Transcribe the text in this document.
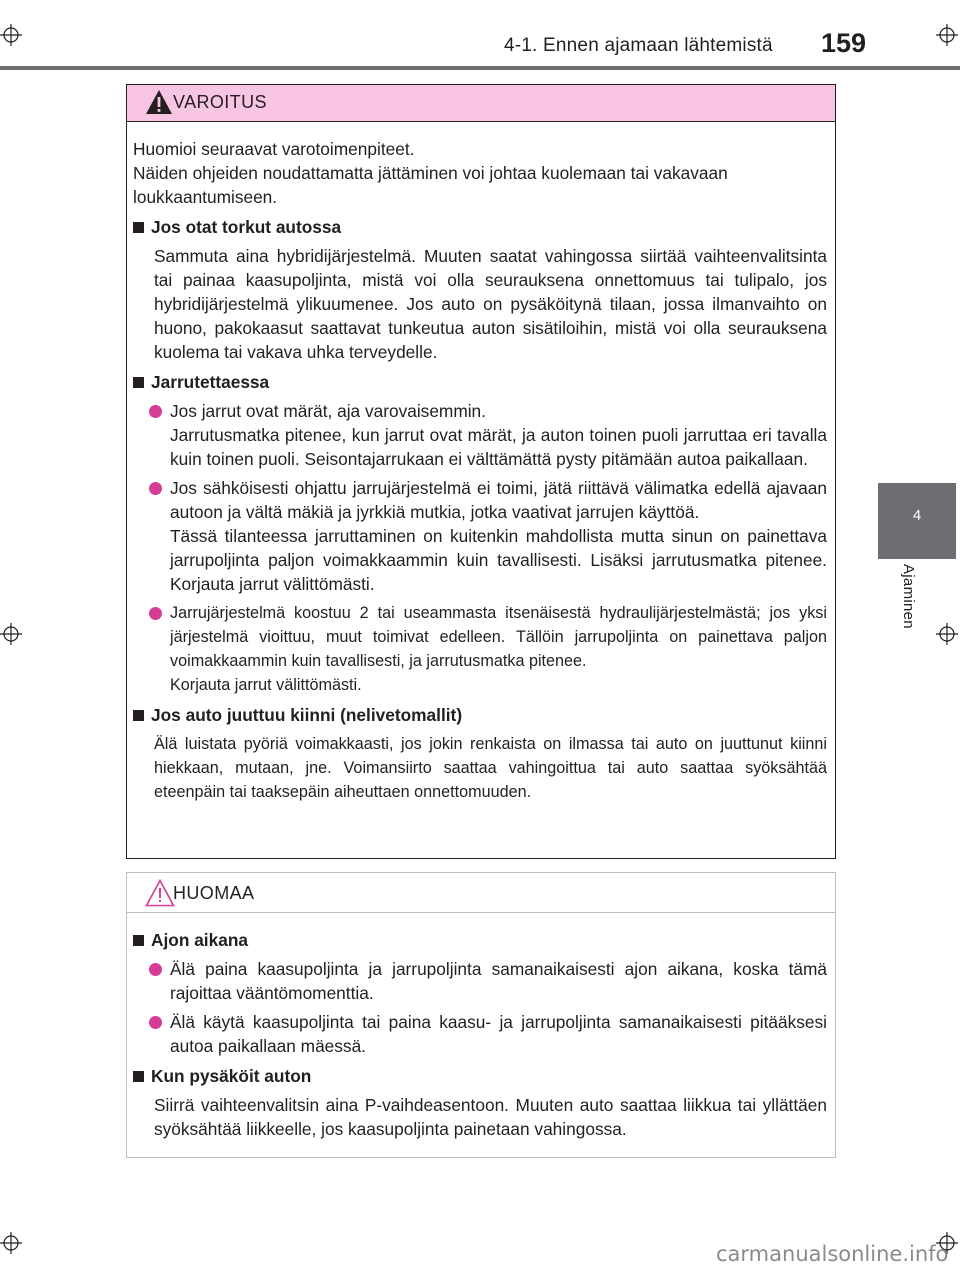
4-1. Ennen ajamaan lähtemistä 159
4
Ajaminen
VAROITUS

Huomioi seuraavat varotoimenpiteet.

Näiden ohjeiden noudattamatta jättäminen voi johtaa kuolemaan tai vakavaan loukkaantumiseen.

Jos otat torkut autossa

Sammuta aina hybridijärjestelmä. Muuten saatat vahingossa siirtää vaihteenvalitsinta tai painaa kaasupoljinta, mistä voi olla seurauksena onnettomuus tai tulipalo, jos hybridijärjestelmä ylikuumenee. Jos auto on pysäköitynä tilaan, jossa ilmanvaihto on huono, pakokaasut saattavat tunkeutua auton sisätiloihin, mistä voi olla seurauksena kuolema tai vakava uhka terveydelle.

Jarrutettaessa

Jos jarrut ovat märät, aja varovaisemmin.

Jarrutusmatka pitenee, kun jarrut ovat märät, ja auton toinen puoli jarruttaa eri tavalla kuin toinen puoli. Seisontajarrukaan ei välttämättä pysty pitämään autoa paikallaan.

Jos sähköisesti ohjattu jarrujärjestelmä ei toimi, jätä riittävä välimatka edellä ajavaan autoon ja vältä mäkiä ja jyrkkiä mutkia, jotka vaativat jarrujen käyttöä.

Tässä tilanteessa jarruttaminen on kuitenkin mahdollista mutta sinun on painettava jarrupoljinta paljon voimakkaammin kuin tavallisesti. Lisäksi jarrutusmatka pitenee. Korjauta jarrut välittömästi.

Jarrujärjestelmä koostuu 2 tai useammasta itsenäisestä hydraulijärjestelmästä; jos yksi järjestelmä vioittuu, muut toimivat edelleen. Tällöin jarrupoljinta on painettava paljon voimakkaammin kuin tavallisesti, ja jarrutusmatka pitenee.

Korjauta jarrut välittömästi.

Jos auto juuttuu kiinni (nelivetomallit)

Älä luistata pyöriä voimakkaasti, jos jokin renkaista on ilmassa tai auto on juuttunut kiinni hiekkaan, mutaan, jne. Voimansiirto saattaa vahingoittua tai auto saattaa syöksähtää eteenpäin tai taaksepäin aiheuttaen onnettomuuden.

HUOMAA
Ajon aikana

Älä paina kaasupoljinta ja jarrupoljinta samanaikaisesti ajon aikana, koska tämä rajoittaa vääntömomenttia.

Älä käytä kaasupoljinta tai paina kaasu- ja jarrupoljinta samanaikaisesti pitääksesi autoa paikallaan mäessä.

Kun pysäköit auton

Siirrä vaihteenvalitsin aina P-vaihdeasentoon. Muuten auto saattaa liikkua tai yllättäen syöksähtää liikkeelle, jos kaasupoljinta painetaan vahingossa.

carmanualsonline.info
